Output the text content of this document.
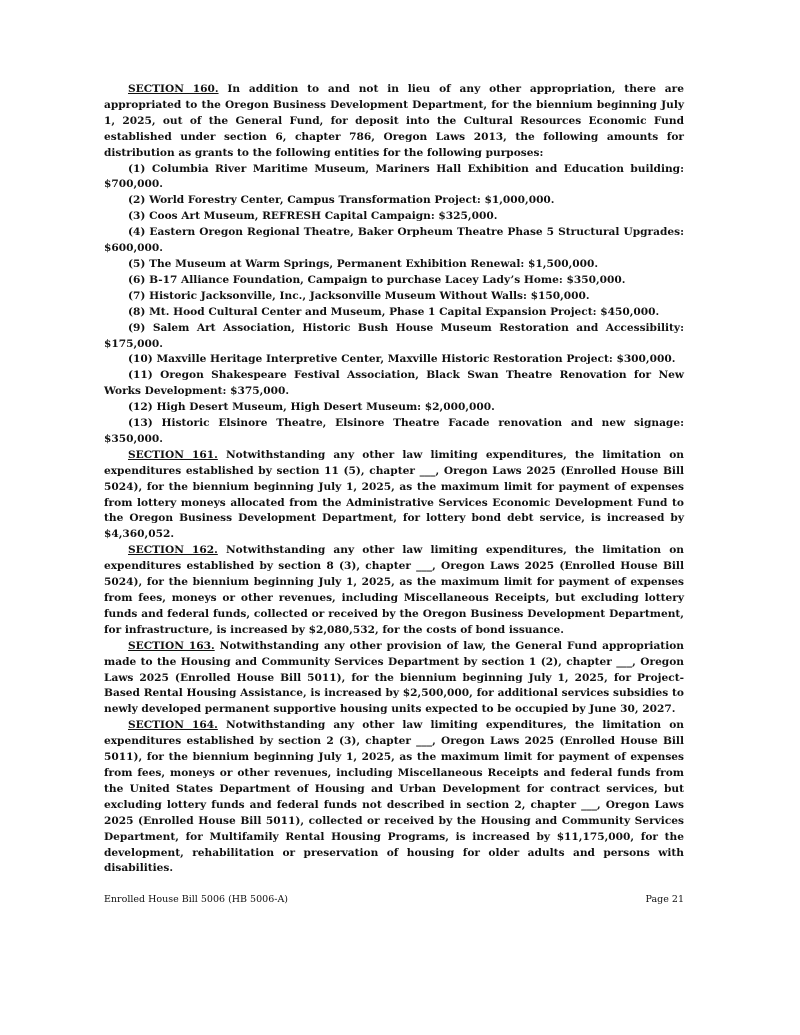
SECTION 160. In addition to and not in lieu of any other appropriation, there are appropriated to the Oregon Business Development Department, for the biennium beginning July 1, 2025, out of the General Fund, for deposit into the Cultural Resources Economic Fund established under section 6, chapter 786, Oregon Laws 2013, the following amounts for distribution as grants to the following entities for the following purposes:

(1) Columbia River Maritime Museum, Mariners Hall Exhibition and Education building: $700,000.

(2) World Forestry Center, Campus Transformation Project: $1,000,000.

(3) Coos Art Museum, REFRESH Capital Campaign: $325,000.

(4) Eastern Oregon Regional Theatre, Baker Orpheum Theatre Phase 5 Structural Upgrades: $600,000.

(5) The Museum at Warm Springs, Permanent Exhibition Renewal: $1,500,000.

(6) B-17 Alliance Foundation, Campaign to purchase Lacey Lady’s Home: $350,000.

(7) Historic Jacksonville, Inc., Jacksonville Museum Without Walls: $150,000.

(8) Mt. Hood Cultural Center and Museum, Phase 1 Capital Expansion Project: $450,000.

(9) Salem Art Association, Historic Bush House Museum Restoration and Accessibility: $175,000.

(10) Maxville Heritage Interpretive Center, Maxville Historic Restoration Project: $300,000.

(11) Oregon Shakespeare Festival Association, Black Swan Theatre Renovation for New Works Development: $375,000.

(12) High Desert Museum, High Desert Museum: $2,000,000.

(13) Historic Elsinore Theatre, Elsinore Theatre Facade renovation and new signage: $350,000.

SECTION 161. Notwithstanding any other law limiting expenditures, the limitation on expenditures established by section 11 (5), chapter ___, Oregon Laws 2025 (Enrolled House Bill 5024), for the biennium beginning July 1, 2025, as the maximum limit for payment of expenses from lottery moneys allocated from the Administrative Services Economic Development Fund to the Oregon Business Development Department, for lottery bond debt service, is increased by $4,360,052.

SECTION 162. Notwithstanding any other law limiting expenditures, the limitation on expenditures established by section 8 (3), chapter ___, Oregon Laws 2025 (Enrolled House Bill 5024), for the biennium beginning July 1, 2025, as the maximum limit for payment of expenses from fees, moneys or other revenues, including Miscellaneous Receipts, but excluding lottery funds and federal funds, collected or received by the Oregon Business Development Department, for infrastructure, is increased by $2,080,532, for the costs of bond issuance.

SECTION 163. Notwithstanding any other provision of law, the General Fund appropriation made to the Housing and Community Services Department by section 1 (2), chapter ___, Oregon Laws 2025 (Enrolled House Bill 5011), for the biennium beginning July 1, 2025, for Project-Based Rental Housing Assistance, is increased by $2,500,000, for additional services subsidies to newly developed permanent supportive housing units expected to be occupied by June 30, 2027.

SECTION 164. Notwithstanding any other law limiting expenditures, the limitation on expenditures established by section 2 (3), chapter ___, Oregon Laws 2025 (Enrolled House Bill 5011), for the biennium beginning July 1, 2025, as the maximum limit for payment of expenses from fees, moneys or other revenues, including Miscellaneous Receipts and federal funds from the United States Department of Housing and Urban Development for contract services, but excluding lottery funds and federal funds not described in section 2, chapter ___, Oregon Laws 2025 (Enrolled House Bill 5011), collected or received by the Housing and Community Services Department, for Multifamily Rental Housing Programs, is increased by $11,175,000, for the development, rehabilitation or preservation of housing for older adults and persons with disabilities.

Enrolled House Bill 5006 (HB 5006-A)	Page 21
